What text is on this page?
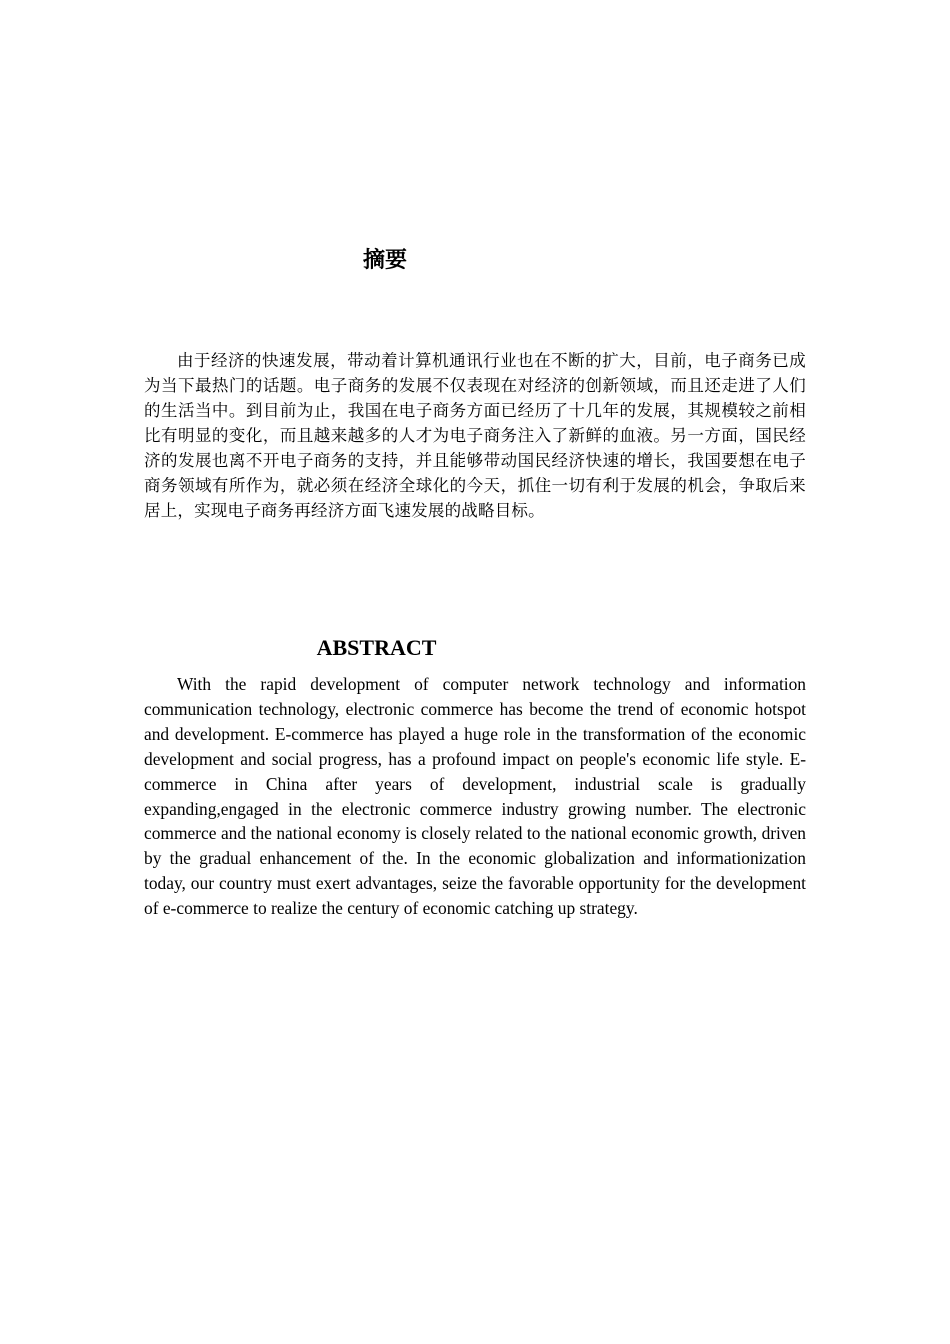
摘要

由于经济的快速发展，带动着计算机通讯行业也在不断的扩大，目前，电子商务已成为当下最热门的话题。电子商务的发展不仅表现在对经济的创新领域，而且还走进了人们的生活当中。到目前为止，我国在电子商务方面已经历了十几年的发展，其规模较之前相比有明显的变化，而且越来越多的人才为电子商务注入了新鲜的血液。另一方面，国民经济的发展也离不开电子商务的支持，并且能够带动国民经济快速的增长，我国要想在电子商务领域有所作为，就必须在经济全球化的今天，抓住一切有利于发展的机会，争取后来居上，实现电子商务再经济方面飞速发展的战略目标。

ABSTRACT

With the rapid development of computer network technology and information communication technology, electronic commerce has become the trend of economic hotspot and development. E-commerce has played a huge role in the transformation of the economic development and social progress, has a profound impact on people's economic life style. E-commerce in China after years of development, industrial scale is gradually expanding,engaged in the electronic commerce industry growing number. The electronic commerce and the national economy is closely related to the national economic growth, driven by the gradual enhancement of the. In the economic globalization and informationization today, our country must exert advantages, seize the favorable opportunity for the development of e-commerce to realize the century of economic catching up strategy.
